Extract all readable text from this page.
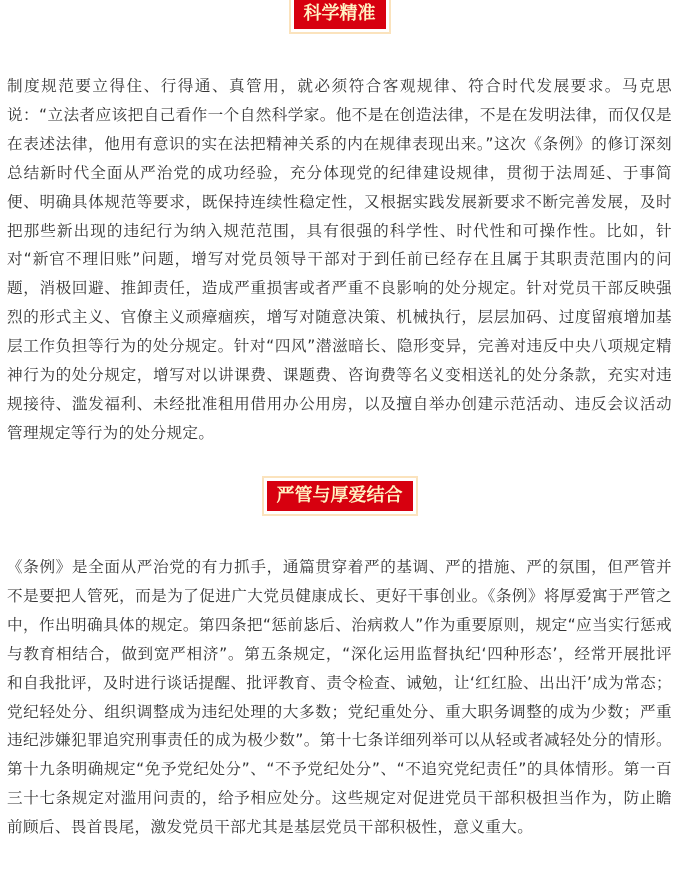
科学精准

制度规范要立得住、行得通、真管用，就必须符合客观规律、符合时代发展要求。马克思说：“立法者应该把自己看作一个自然科学家。他不是在创造法律，不是在发明法律，而仅仅是在表述法律，他用有意识的实在法把精神关系的内在规律表现出来。”这次《条例》的修订深刻总结新时代全面从严治党的成功经验，充分体现党的纪律建设规律，贯彻于法周延、于事简便、明确具体规范等要求，既保持连续性稳定性，又根据实践发展新要求不断完善发展，及时把那些新出现的违纪行为纳入规范范围，具有很强的科学性、时代性和可操作性。比如，针对“新官不理旧账”问题，增写对党员领导干部对于到任前已经存在且属于其职责范围内的问题，消极回避、推卸责任，造成严重损害或者严重不良影响的处分规定。针对党员干部反映强烈的形式主义、官僚主义顽瘴痼疾，增写对随意决策、机械执行，层层加码、过度留痕增加基层工作负担等行为的处分规定。针对“四风”潜滋暗长、隐形变异，完善对违反中央八项规定精神行为的处分规定，增写对以讲课费、课题费、咨询费等名义变相送礼的处分条款，充实对违规接待、滥发福利、未经批准租用借用办公用房，以及擅自举办创建示范活动、违反会议活动管理规定等行为的处分规定。

严管与厚爱结合

《条例》是全面从严治党的有力抓手，通篇贯穿着严的基调、严的措施、严的氛围，但严管并不是要把人管死，而是为了促进广大党员健康成长、更好干事创业。《条例》将厚爱寓于严管之中，作出明确具体的规定。第四条把“惩前毖后、治病救人”作为重要原则，规定“应当实行惩戒与教育相结合，做到宽严相济”。第五条规定，“深化运用监督执纪‘四种形态’，经常开展批评和自我批评，及时进行谈话提醒、批评教育、责令检查、诫勉，让‘红红脸、出出汗’成为常态；党纪轻处分、组织调整成为违纪处理的大多数；党纪重处分、重大职务调整的成为少数；严重违纪涉嫌犯罪追究刑事责任的成为极少数”。第十七条详细列举可以从轻或者减轻处分的情形。第十九条明确规定“免予党纪处分”、“不予党纪处分”、“不追究党纪责任”的具体情形。第一百三十七条规定对滥用问责的，给予相应处分。这些规定对促进党员干部积极担当作为，防止瞻前顾后、畏首畏尾，激发党员干部尤其是基层党员干部积极性，意义重大。
